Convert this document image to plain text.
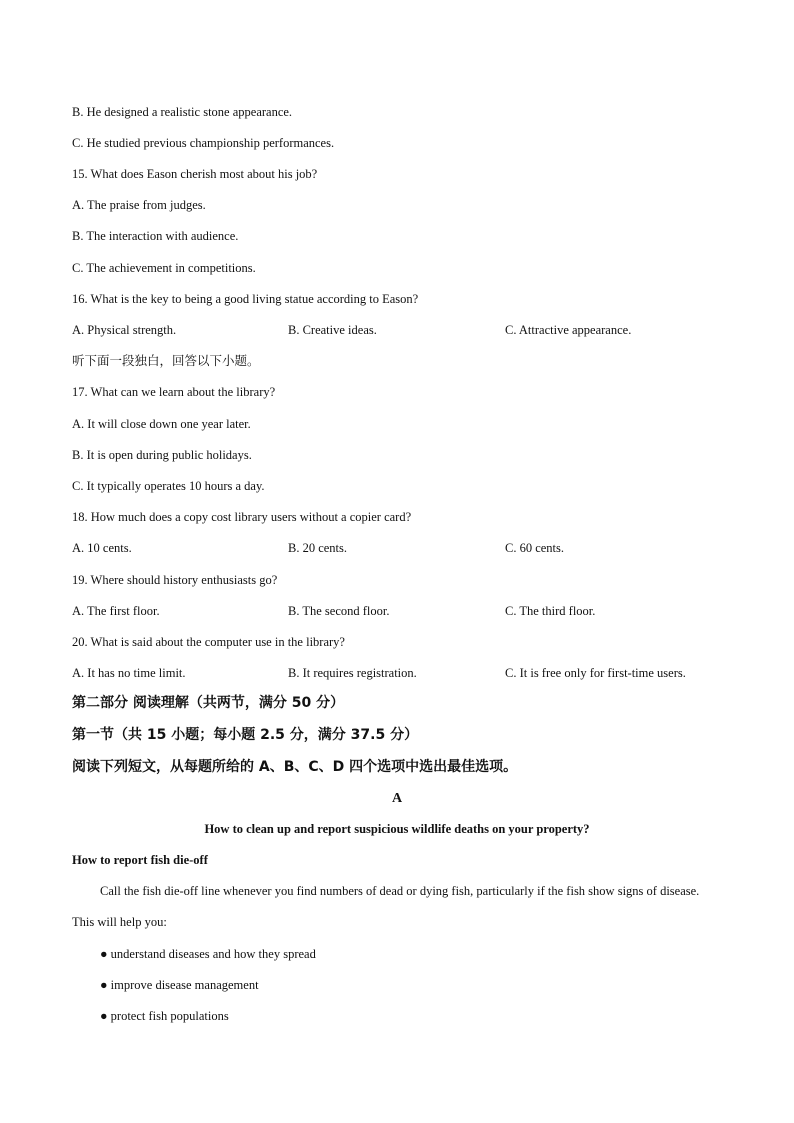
B. He designed a realistic stone appearance.
C. He studied previous championship performances.
15. What does Eason cherish most about his job?
A. The praise from judges.
B. The interaction with audience.
C. The achievement in competitions.
16. What is the key to being a good living statue according to Eason?
A. Physical strength.	B. Creative ideas.	C. Attractive appearance.
听下面一段独白，回答以下小题。
17. What can we learn about the library?
A. It will close down one year later.
B. It is open during public holidays.
C. It typically operates 10 hours a day.
18. How much does a copy cost library users without a copier card?
A. 10 cents.	B. 20 cents.	C. 60 cents.
19. Where should history enthusiasts go?
A. The first floor.	B. The second floor.	C. The third floor.
20. What is said about the computer use in the library?
A. It has no time limit.	B. It requires registration.	C. It is free only for first-time users.
第二部分 阅读理解（共两节，满分 50 分）
第一节（共 15 小题；每小题 2.5 分，满分 37.5 分）
阅读下列短文，从每题所给的 A、B、C、D 四个选项中选出最佳选项。
A
How to clean up and report suspicious wildlife deaths on your property?
How to report fish die-off
Call the fish die-off line whenever you find numbers of dead or dying fish, particularly if the fish show signs of disease. This will help you:
● understand diseases and how they spread
● improve disease management
● protect fish populations
